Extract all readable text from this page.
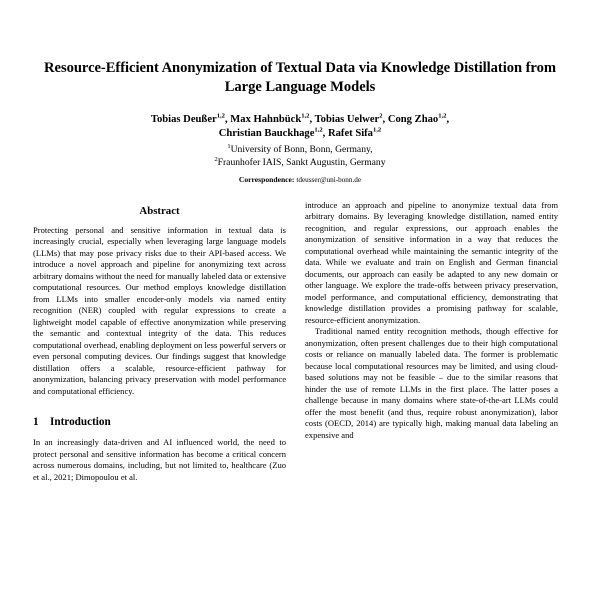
Resource-Efficient Anonymization of Textual Data via Knowledge Distillation from Large Language Models
Tobias Deußer$^{1,2}$, Max Hahnbück$^{1,2}$, Tobias Uelwer$^2$, Cong Zhao$^{1,2}$,
Christian Bauckhage$^{1,2}$, Rafet Sifa$^{1,2}$
$^1$University of Bonn, Bonn, Germany,
$^2$Fraunhofer IAIS, Sankt Augustin, Germany
Correspondence: tdeusser@uni-bonn.de
Abstract

Protecting personal and sensitive information in textual data is increasingly crucial, especially when leveraging large language models (LLMs) that may pose privacy risks due to their API-based access. We introduce a novel approach and pipeline for anonymizing text across arbitrary domains without the need for manually labeled data or extensive computational resources. Our method employs knowledge distillation from LLMs into smaller encoder-only models via named entity recognition (NER) coupled with regular expressions to create a lightweight model capable of effective anonymization while preserving the semantic and contextual integrity of the data. This reduces computational overhead, enabling deployment on less powerful servers or even personal computing devices. Our findings suggest that knowledge distillation offers a scalable, resource-efficient pathway for anonymization, balancing privacy preservation with model performance and computational efficiency.

1	Introduction

In an increasingly data-driven and AI influenced world, the need to protect personal and sensitive information has become a critical concern across numerous domains, including, but not limited to, healthcare (Zuo et al., 2021; Dimopoulou et al.

introduce an approach and pipeline to anonymize textual data from arbitrary domains. By leveraging knowledge distillation, named entity recognition, and regular expressions, our approach enables the anonymization of sensitive information in a way that reduces the computational overhead while maintaining the semantic integrity of the data. While we evaluate and train on English and German financial documents, our approach can easily be adapted to any new domain or other language. We explore the trade-offs between privacy preservation, model performance, and computational efficiency, demonstrating that knowledge distillation provides a promising pathway for scalable, resource-efficient anonymization.

Traditional named entity recognition methods, though effective for anonymization, often present challenges due to their high computational costs or reliance on manually labeled data. The former is problematic because local computational resources may be limited, and using cloud-based solutions may not be feasible – due to the similar reasons that hinder the use of remote LLMs in the first place. The latter poses a challenge because in many domains where state-of-the-art LLMs could offer the most benefit (and thus, require robust anonymization), labor costs (OECD, 2014) are typically high, making manual data labeling an expensive and
